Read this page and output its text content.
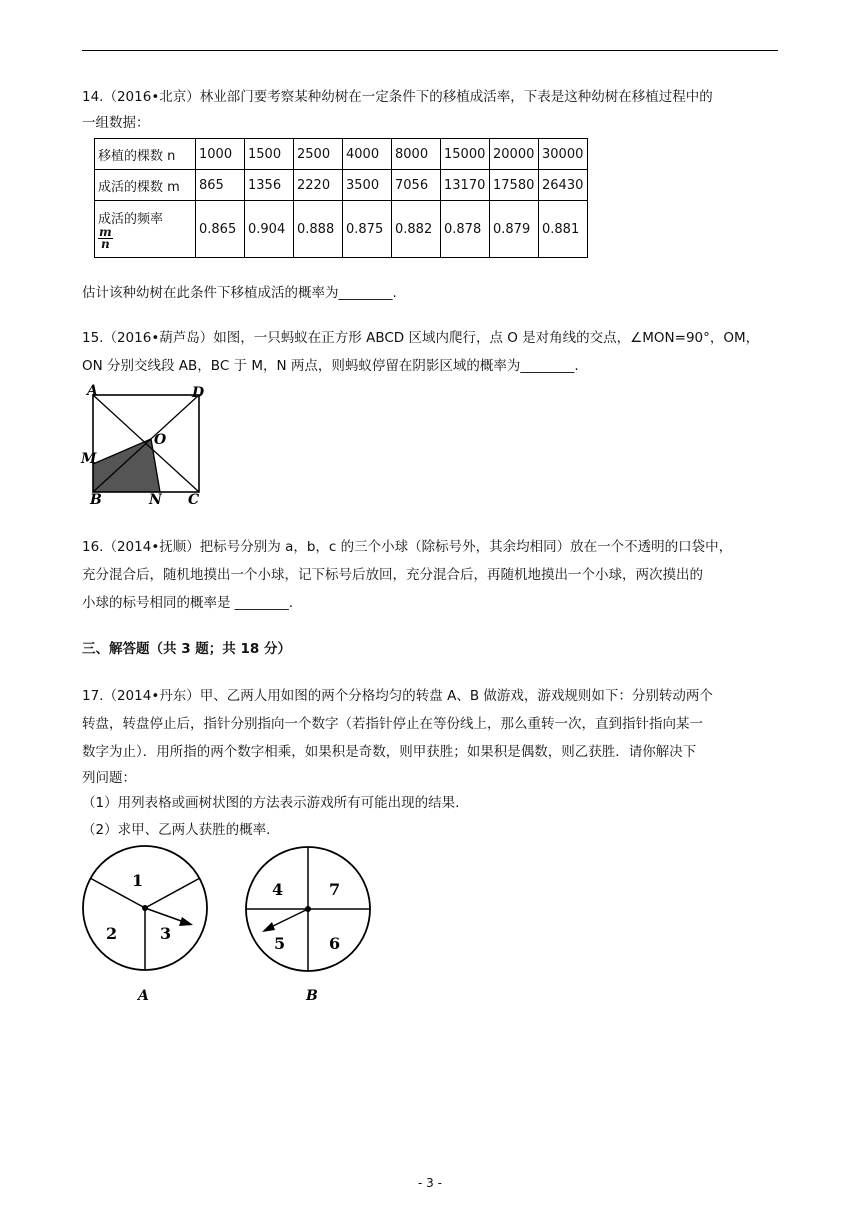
14.（2016•北京）林业部门要考察某种幼树在一定条件下的移植成活率，下表是这种幼树在移植过程中的
一组数据：
移植的棵数 n	1000	1500	2500	4000	8000	15000	20000	30000
成活的棵数 m	865	1356	2220	3500	7056	13170	17580	26430

成活的频率
$\frac{m}{n}$	0.865	0.904	0.888	0.875	0.882	0.878	0.879	0.881
估计该种幼树在此条件下移植成活的概率为________.
15.（2016•葫芦岛）如图，一只蚂蚁在正方形 ABCD 区域内爬行，点 O 是对角线的交点，∠MON=90°，OM，
ON 分别交线段 AB，BC 于 M，N 两点，则蚂蚁停留在阴影区域的概率为________.
A	D
M
O
B	N C
16.（2014•抚顺）把标号分别为 a，b，c 的三个小球（除标号外，其余均相同）放在一个不透明的口袋中，
充分混合后，随机地摸出一个小球，记下标号后放回，充分混合后，再随机地摸出一个小球，两次摸出的
小球的标号相同的概率是 ________.
三、解答题（共 3 题；共 18 分）
17.（2014•丹东）甲、乙两人用如图的两个分格均匀的转盘 A、B 做游戏，游戏规则如下：分别转动两个
转盘，转盘停止后，指针分别指向一个数字（若指针停止在等份线上，那么重转一次，直到指针指向某一
数字为止）．用所指的两个数字相乘，如果积是奇数，则甲获胜；如果积是偶数，则乙获胜．请你解决下
列问题：
（1）用列表格或画树状图的方法表示游戏所有可能出现的结果.
（2）求甲、乙两人获胜的概率.
1
2	3
A
4	7
5	6
B
- 3 -
